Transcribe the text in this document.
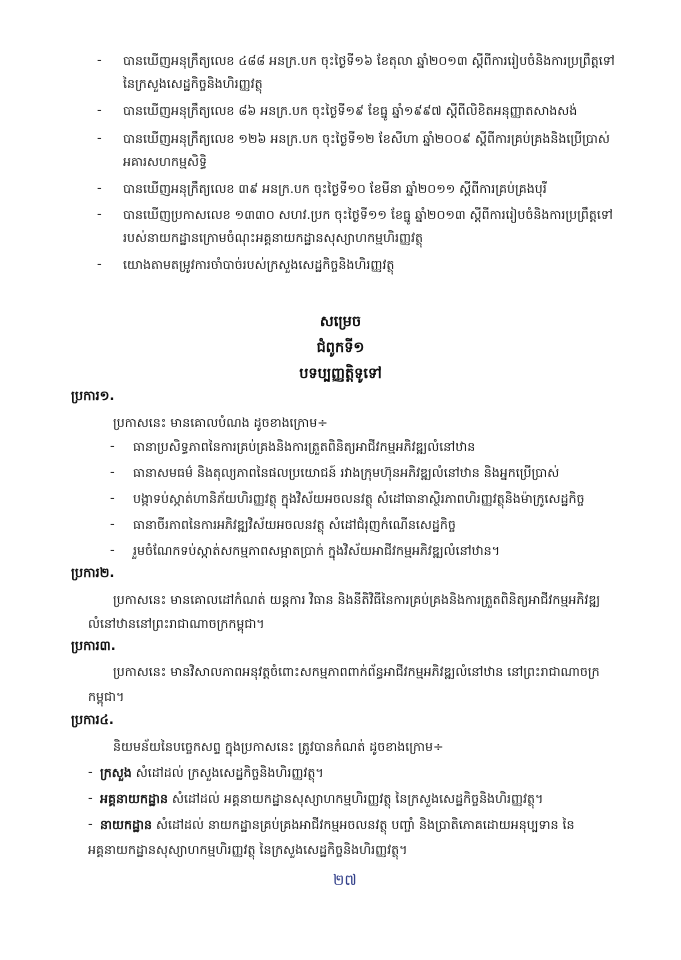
- បានឃើញអនុក្រឹត្យលេខ ៤៨៨ អនក្រ.បក ចុះថ្ងៃទី១៦ ខែតុលា ឆ្នាំ២០១៣ ស្តីពីការរៀបចំនិងការប្រព្រឹត្តទៅ
នៃក្រសួងសេដ្ឋកិច្ចនិងហិរញ្ញវត្ថុ
- បានឃើញអនុក្រឹត្យលេខ ៨៦ អនក្រ.បក ចុះថ្ងៃទី១៩ ខែធ្នូ ឆ្នាំ១៩៩៧ ស្តីពីលិខិតអនុញ្ញាតសាងសង់
- បានឃើញអនុក្រឹត្យលេខ ១២៦ អនក្រ.បក ចុះថ្ងៃទី១២ ខែសីហា ឆ្នាំ២០០៩ ស្តីពីការគ្រប់គ្រងនិងប្រើប្រាស់
អគារសហកម្មសិទ្ធិ
- បានឃើញអនុក្រឹត្យលេខ ៣៩ អនក្រ.បក ចុះថ្ងៃទី១០ ខែមីនា ឆ្នាំ២០១១ ស្តីពីការគ្រប់គ្រងបុរី
- បានឃើញប្រកាសលេខ ១៣៣០ សហវ.ប្រក ចុះថ្ងៃទី១១ ខែធ្នូ ឆ្នាំ២០១៣ ស្តីពីការរៀបចំនិងការប្រព្រឹត្តទៅ
របស់នាយកដ្ឋានក្រោមចំណុះអគ្គនាយកដ្ឋានសុស្យាហកម្មហិរញ្ញវត្ថុ
- យោងតាមតម្រូវការចាំបាច់របស់ក្រសួងសេដ្ឋកិច្ចនិងហិរញ្ញវត្ថុ
សម្រេច
ជំពូកទី១
បទប្បញ្ញត្តិទូទៅ
ប្រការ១.
ប្រកាសនេះ មានគោលបំណង ដូចខាងក្រោម÷
- ធានាប្រសិទ្ធភាពនៃការគ្រប់គ្រងនិងការត្រួតពិនិត្យអាជីវកម្មអភិវឌ្ឍលំនៅឋាន
- ធានាសមធម៌ និងតុល្យភាពនៃផលប្រយោជន៍ រវាងក្រុមហ៊ុនអភិវឌ្ឍលំនៅឋាន និងអ្នកប្រើប្រាស់
- បង្កាទប់ស្កាត់ហានិភ័យហិរញ្ញវត្ថុ ក្នុងវិស័យអចលនវត្ថុ សំដៅធានាស្ថិរភាពហិរញ្ញវត្ថុនិងម៉ាក្រូសេដ្ឋកិច្ច
- ធានាចីរភាពនៃការអភិវឌ្ឍវិស័យអចលនវត្ថុ សំដៅជំរុញកំណើនសេដ្ឋកិច្ច
- រួមចំណែកទប់ស្កាត់សកម្មភាពសម្អាតប្រាក់ ក្នុងវិស័យអាជីវកម្មអភិវឌ្ឍលំនៅឋាន។
ប្រការ២.
ប្រកាសនេះ មានគោលដៅកំណត់ យន្តការ វិធាន និងនីតិវិធីនៃការគ្រប់គ្រងនិងការត្រួតពិនិត្យអាជីវកម្មអភិវឌ្ឍ
លំនៅឋាននៅព្រះរាជាណាចក្រកម្ពុជា។
ប្រការ៣.
ប្រកាសនេះ មានវិសាលភាពអនុវត្តចំពោះសកម្មភាពពាក់ព័ន្ធអាជីវកម្មអភិវឌ្ឍលំនៅឋាន នៅព្រះរាជាណាចក្រ
កម្ពុជា។
ប្រការ៤.
និយមន័យនៃបច្ចេកសព្ទ ក្នុងប្រកាសនេះ ត្រូវបានកំណត់ ដូចខាងក្រោម÷
- ក្រសួង សំដៅដល់ ក្រសួងសេដ្ឋកិច្ចនិងហិរញ្ញវត្ថុ។
- អគ្គនាយកដ្ឋាន សំដៅដល់ អគ្គនាយកដ្ឋានសុស្យាហកម្មហិរញ្ញវត្ថុ នៃក្រសួងសេដ្ឋកិច្ចនិងហិរញ្ញវត្ថុ។
- នាយកដ្ឋាន សំដៅដល់ នាយកដ្ឋានគ្រប់គ្រងអាជីវកម្មអចលនវត្ថុ បញ្ចាំ និងប្រាតិភោគដោយអនុប្បទាន នៃ
អគ្គនាយកដ្ឋានសុស្យាហកម្មហិរញ្ញវត្ថុ នៃក្រសួងសេដ្ឋកិច្ចនិងហិរញ្ញវត្ថុ។
២៧
